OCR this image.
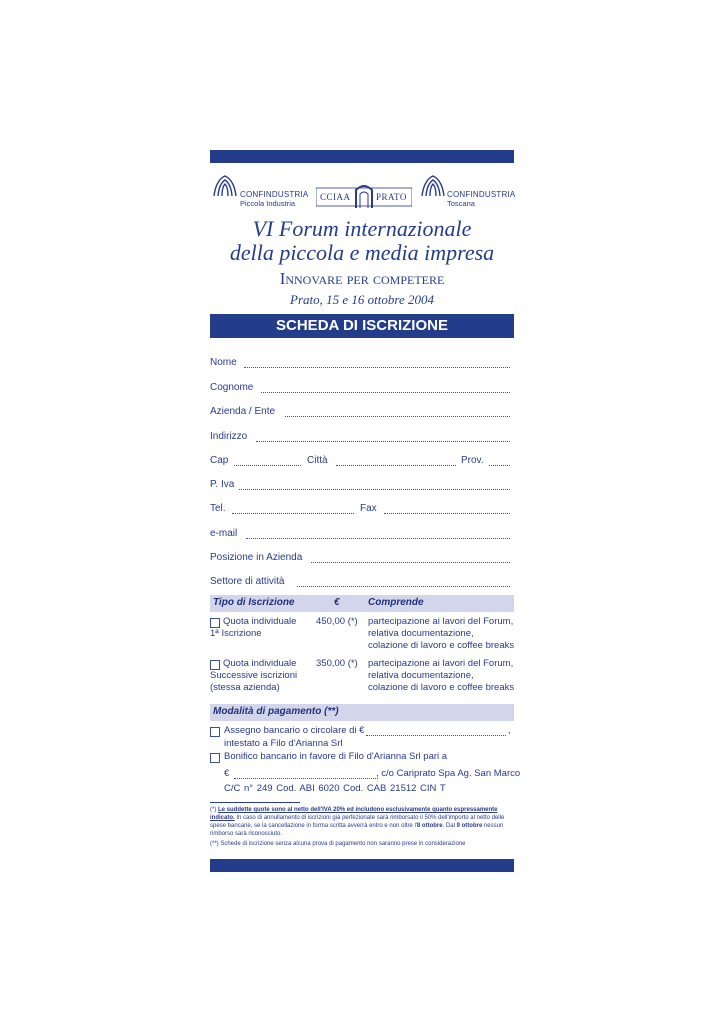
CONFINDUSTRIA
Piccola Industria
CCIAA	PRATO	CONFINDUSTRIA
Toscana
VI Forum internazionale
della piccola e media impresa
Innovare per competere
Prato, 15 e 16 ottobre 2004
SCHEDA DI ISCRIZIONE
Nome
Cognome
Azienda / Ente
Indirizzo
Cap	Città	Prov.
P. Iva
Tel.	Fax
e-mail
Posizione in Azienda
Settore di attività
Tipo di Iscrizione	€	Comprende
Quota individuale
1ª Iscrizione
450,00 (*) partecipazione ai lavori del Forum,
relativa documentazione,
colazione di lavoro e coffee breaks
Quota individuale
Successive iscrizioni
(stessa azienda)
350,00 (*) partecipazione ai lavori del Forum,
relativa documentazione,
colazione di lavoro e coffee breaks
Modalità di pagamento (**)
Assegno bancario o circolare di €	,
intestato a Filo d'Arianna Srl
Bonifico bancario in favore di Filo d'Arianna Srl pari a
€	, c/o Cariprato Spa Ag. San Marco
C/C n° 249 Cod. ABI 6020 Cod. CAB 21512 CIN T
(*) Le suddette quote sono al netto dell'IVA 20% ed includono esclusivamente quanto espressamente indicato. In caso di annullamento di iscrizioni già perfezionate sarà rimborsato il 50% dell'importo al netto delle spese bancarie, se la cancellazione in forma scritta avverrà entro e non oltre l'8 ottobre. Dal 9 ottobre nessun rimborso sarà riconosciuto.
(**) Schede di iscrizione senza alcuna prova di pagamento non saranno prese in considerazione
